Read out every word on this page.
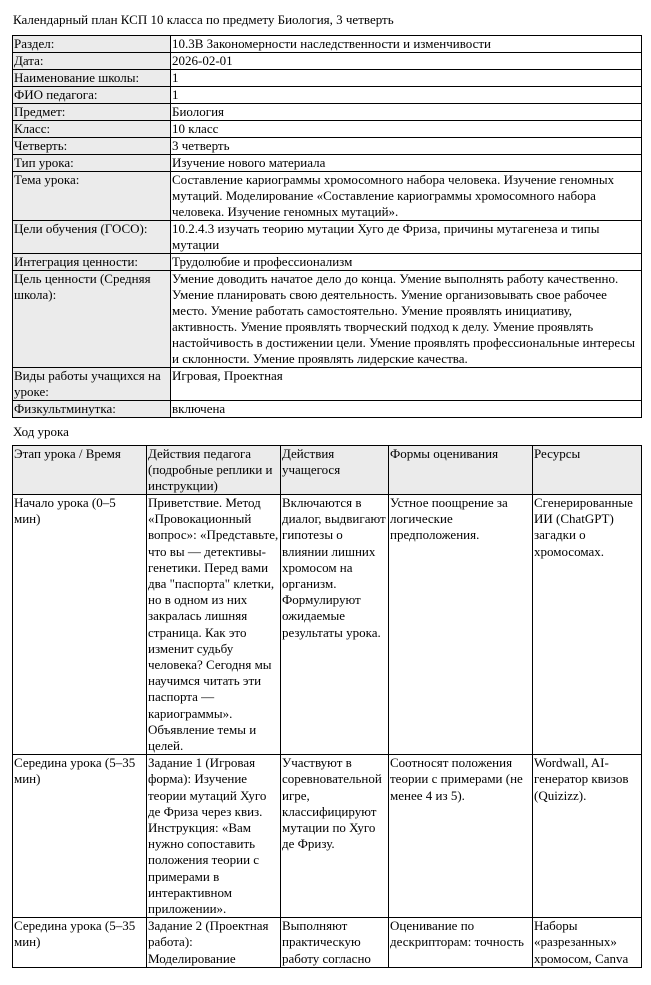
Календарный план КСП 10 класса по предмету Биология, 3 четверть
Раздел:	10.3B Закономерности наследственности и изменчивости
Дата:	2026-02-01
Наименование школы:	1
ФИО педагога:	1
Предмет:	Биология
Класс:	10 класс
Четверть:	3 четверть
Тип урока:	Изучение нового материала
Тема урока:	Составление кариограммы хромосомного набора человека. Изучение геномных мутаций. Моделирование «Составление кариограммы хромосомного набора человека. Изучение геномных мутаций».
Цели обучения (ГОСО):	10.2.4.3 изучать теорию мутации Хуго де Фриза, причины мутагенеза и типы мутации
Интеграция ценности:	Трудолюбие и профессионализм
Цель ценности (Средняя школа):	Умение доводить начатое дело до конца. Умение выполнять работу качественно. Умение планировать свою деятельность. Умение организовывать свое рабочее место. Умение работать самостоятельно. Умение проявлять инициативу, активность. Умение проявлять творческий подход к делу. Умение проявлять настойчивость в достижении цели. Умение проявлять профессиональные интересы и склонности. Умение проявлять лидерские качества.
Виды работы учащихся на уроке:	Игровая, Проектная
Физкультминутка:	включена
Ход урока
Этап урока / Время	Действия педагога (подробные реплики и инструкции)	Действия учащегося	Формы оценивания	Ресурсы
Начало урока (0–5 мин)	Приветствие. Метод «Провокационный вопрос»: «Представьте, что вы — детективы-генетики. Перед вами два "паспорта" клетки, но в одном из них закралась лишняя страница. Как это изменит судьбу человека? Сегодня мы научимся читать эти паспорта — кариограммы». Объявление темы и целей.	Включаются в диалог, выдвигают гипотезы о влиянии лишних хромосом на организм. Формулируют ожидаемые результаты урока.	Устное поощрение за логические предположения.	Сгенерированные ИИ (ChatGPT) загадки о хромосомах.
Середина урока (5–35 мин)	Задание 1 (Игровая форма): Изучение теории мутаций Хуго де Фриза через квиз. Инструкция: «Вам нужно сопоставить положения теории с примерами в интерактивном приложении».	Участвуют в соревновательной игре, классифицируют мутации по Хуго де Фризу.	Соотносят положения теории с примерами (не менее 4 из 5).	Wordwall, AI-генератор квизов (Quizizz).
Середина урока (5–35 мин)	Задание 2 (Проектная работа): Моделирование	Выполняют практическую работу согласно	Оценивание по дескрипторам: точность	Наборы «разрезанных» хромосом, Canva
